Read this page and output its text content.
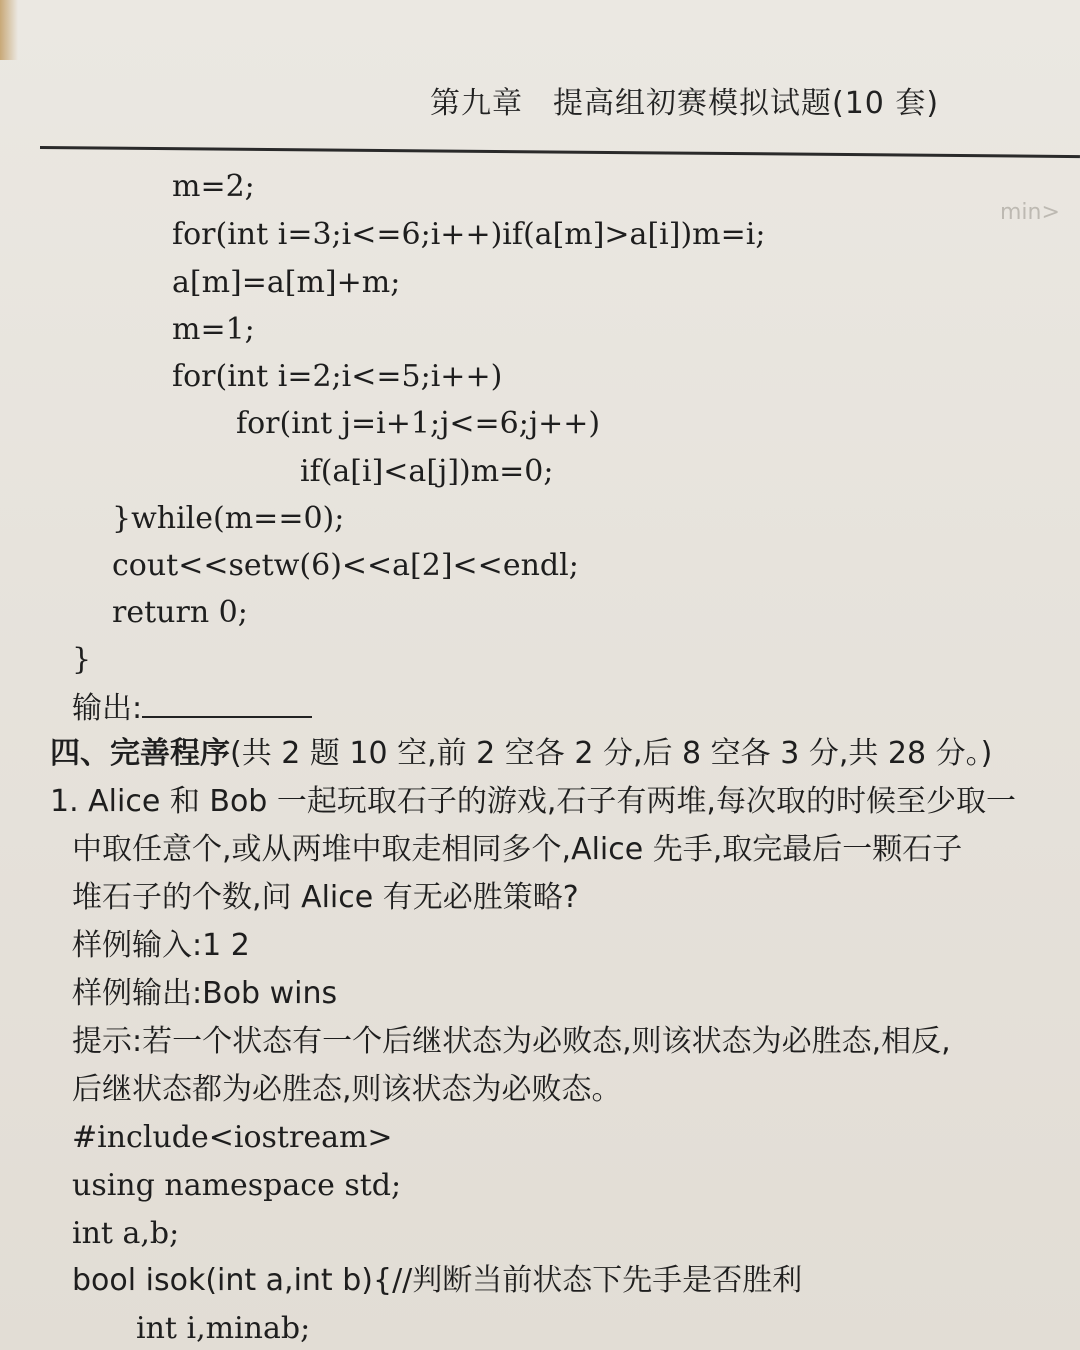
min>

第九章 提高组初赛模拟试题(10 套)
m=2;
for(int i=3;i<=6;i++)if(a[m]>a[i])m=i;
a[m]=a[m]+m;
m=1;
for(int i=2;i<=5;i++)
for(int j=i+1;j<=6;j++)
if(a[i]<a[j])m=0;
}while(m==0);
cout<<setw(6)<<a[2]<<endl;
return 0;
}
输出:
四、完善程序(共 2 题 10 空,前 2 空各 2 分,后 8 空各 3 分,共 28 分。)
1. Alice 和 Bob 一起玩取石子的游戏,石子有两堆,每次取的时候至少取一
中取任意个,或从两堆中取走相同多个,Alice 先手,取完最后一颗石子
堆石子的个数,问 Alice 有无必胜策略?
样例输入:1 2
样例输出:Bob wins
提示:若一个状态有一个后继状态为必败态,则该状态为必胜态,相反,
后继状态都为必胜态,则该状态为必败态。
#include<iostream>
using namespace std;
int a,b;
bool isok(int a,int b){//判断当前状态下先手是否胜利
int i,minab;
